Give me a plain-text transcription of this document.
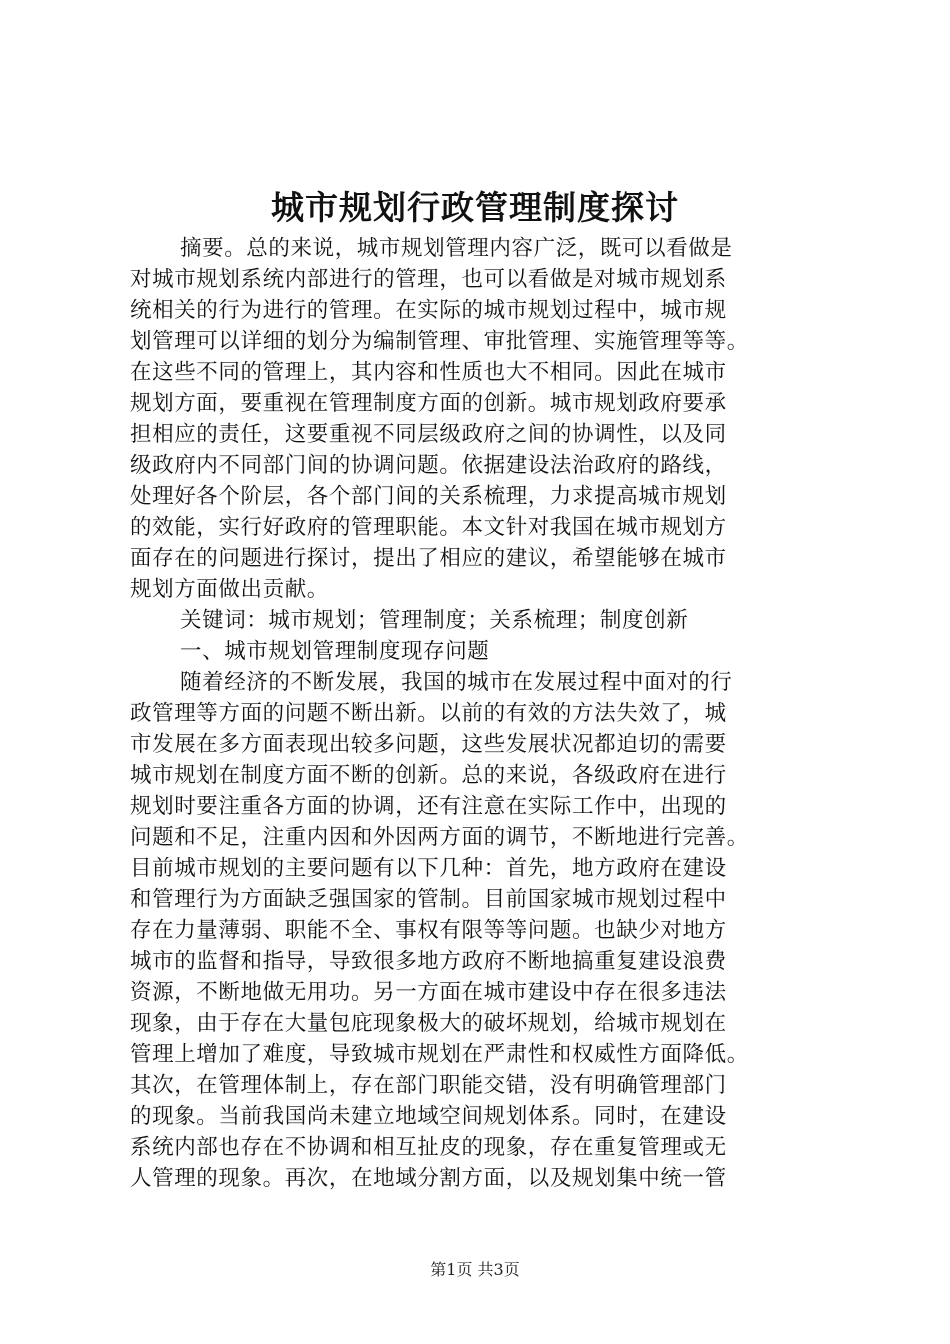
城市规划行政管理制度探讨
摘要。总的来说，城市规划管理内容广泛，既可以看做是
对城市规划系统内部进行的管理，也可以看做是对城市规划系
统相关的行为进行的管理。在实际的城市规划过程中，城市规
划管理可以详细的划分为编制管理、审批管理、实施管理等等。
在这些不同的管理上，其内容和性质也大不相同。因此在城市
规划方面，要重视在管理制度方面的创新。城市规划政府要承
担相应的责任，这要重视不同层级政府之间的协调性，以及同
级政府内不同部门间的协调问题。依据建设法治政府的路线，
处理好各个阶层，各个部门间的关系梳理，力求提高城市规划
的效能，实行好政府的管理职能。本文针对我国在城市规划方
面存在的问题进行探讨，提出了相应的建议，希望能够在城市
规划方面做出贡献。
关键词：城市规划；管理制度；关系梳理；制度创新
一、城市规划管理制度现存问题
随着经济的不断发展，我国的城市在发展过程中面对的行
政管理等方面的问题不断出新。以前的有效的方法失效了，城
市发展在多方面表现出较多问题，这些发展状况都迫切的需要
城市规划在制度方面不断的创新。总的来说，各级政府在进行
规划时要注重各方面的协调，还有注意在实际工作中，出现的
问题和不足，注重内因和外因两方面的调节，不断地进行完善。
目前城市规划的主要问题有以下几种：首先，地方政府在建设
和管理行为方面缺乏强国家的管制。目前国家城市规划过程中
存在力量薄弱、职能不全、事权有限等等问题。也缺少对地方
城市的监督和指导，导致很多地方政府不断地搞重复建设浪费
资源，不断地做无用功。另一方面在城市建设中存在很多违法
现象，由于存在大量包庇现象极大的破坏规划，给城市规划在
管理上增加了难度，导致城市规划在严肃性和权威性方面降低。
其次，在管理体制上，存在部门职能交错，没有明确管理部门
的现象。当前我国尚未建立地域空间规划体系。同时，在建设
系统内部也存在不协调和相互扯皮的现象，存在重复管理或无
人管理的现象。再次，在地域分割方面，以及规划集中统一管
第1页 共3页
